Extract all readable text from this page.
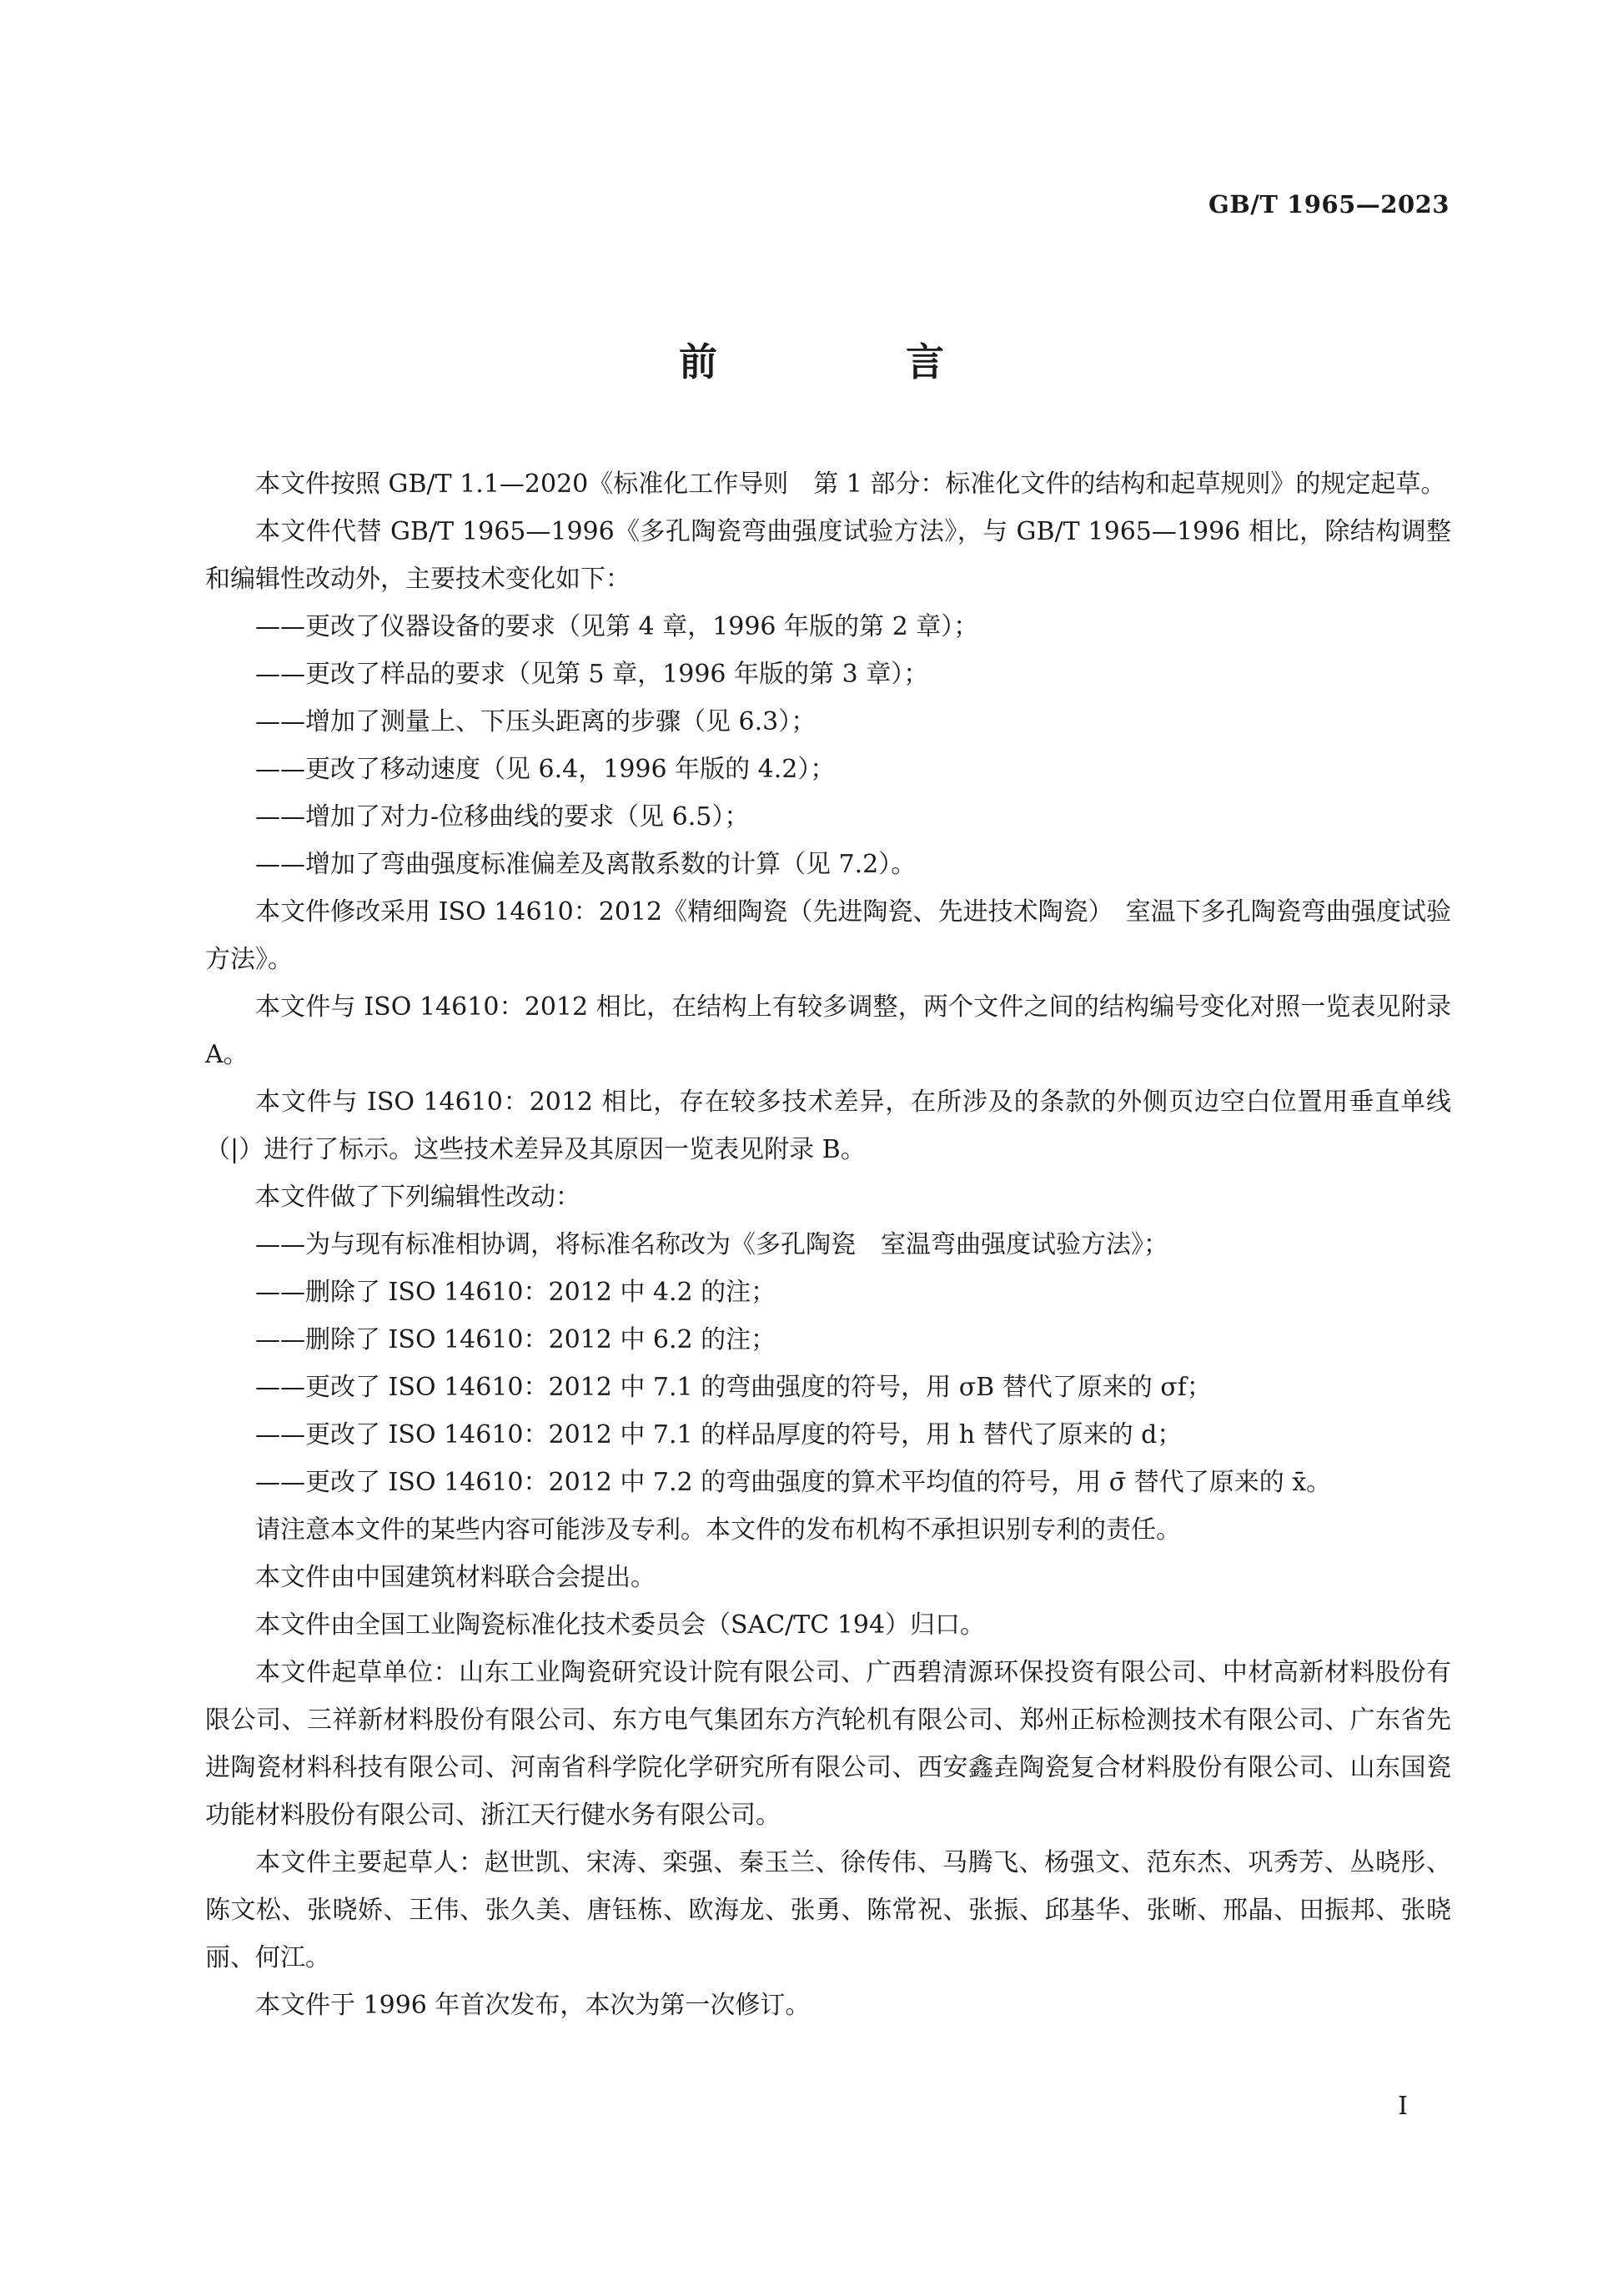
GB/T 1965—2023
前　言

本文件按照 GB/T 1.1—2020《标准化工作导则　第 1 部分：标准化文件的结构和起草规则》的规定起草。

本文件代替 GB/T 1965—1996《多孔陶瓷弯曲强度试验方法》，与 GB/T 1965—1996 相比，除结构调整和编辑性改动外，主要技术变化如下：

——更改了仪器设备的要求（见第 4 章，1996 年版的第 2 章）；

——更改了样品的要求（见第 5 章，1996 年版的第 3 章）；

——增加了测量上、下压头距离的步骤（见 6.3）；

——更改了移动速度（见 6.4，1996 年版的 4.2）；

——增加了对力-位移曲线的要求（见 6.5）；

——增加了弯曲强度标准偏差及离散系数的计算（见 7.2）。

本文件修改采用 ISO 14610：2012《精细陶瓷（先进陶瓷、先进技术陶瓷）　室温下多孔陶瓷弯曲强度试验方法》。

本文件与 ISO 14610：2012 相比，在结构上有较多调整，两个文件之间的结构编号变化对照一览表见附录 A。

本文件与 ISO 14610：2012 相比，存在较多技术差异，在所涉及的条款的外侧页边空白位置用垂直单线（|）进行了标示。这些技术差异及其原因一览表见附录 B。

本文件做了下列编辑性改动：

——为与现有标准相协调，将标准名称改为《多孔陶瓷　室温弯曲强度试验方法》；

——删除了 ISO 14610：2012 中 4.2 的注；

——删除了 ISO 14610：2012 中 6.2 的注；

——更改了 ISO 14610：2012 中 7.1 的弯曲强度的符号，用 σB 替代了原来的 σf；

——更改了 ISO 14610：2012 中 7.1 的样品厚度的符号，用 h 替代了原来的 d；

——更改了 ISO 14610：2012 中 7.2 的弯曲强度的算术平均值的符号，用 σ̄ 替代了原来的 x̄。

请注意本文件的某些内容可能涉及专利。本文件的发布机构不承担识别专利的责任。

本文件由中国建筑材料联合会提出。

本文件由全国工业陶瓷标准化技术委员会（SAC/TC 194）归口。

本文件起草单位：山东工业陶瓷研究设计院有限公司、广西碧清源环保投资有限公司、中材高新材料股份有限公司、三祥新材料股份有限公司、东方电气集团东方汽轮机有限公司、郑州正标检测技术有限公司、广东省先进陶瓷材料科技有限公司、河南省科学院化学研究所有限公司、西安鑫垚陶瓷复合材料股份有限公司、山东国瓷功能材料股份有限公司、浙江天行健水务有限公司。

本文件主要起草人：赵世凯、宋涛、栾强、秦玉兰、徐传伟、马腾飞、杨强文、范东杰、巩秀芳、丛晓彤、陈文松、张晓娇、王伟、张久美、唐钰栋、欧海龙、张勇、陈常祝、张振、邱基华、张晰、邢晶、田振邦、张晓丽、何江。

本文件于 1996 年首次发布，本次为第一次修订。

I
